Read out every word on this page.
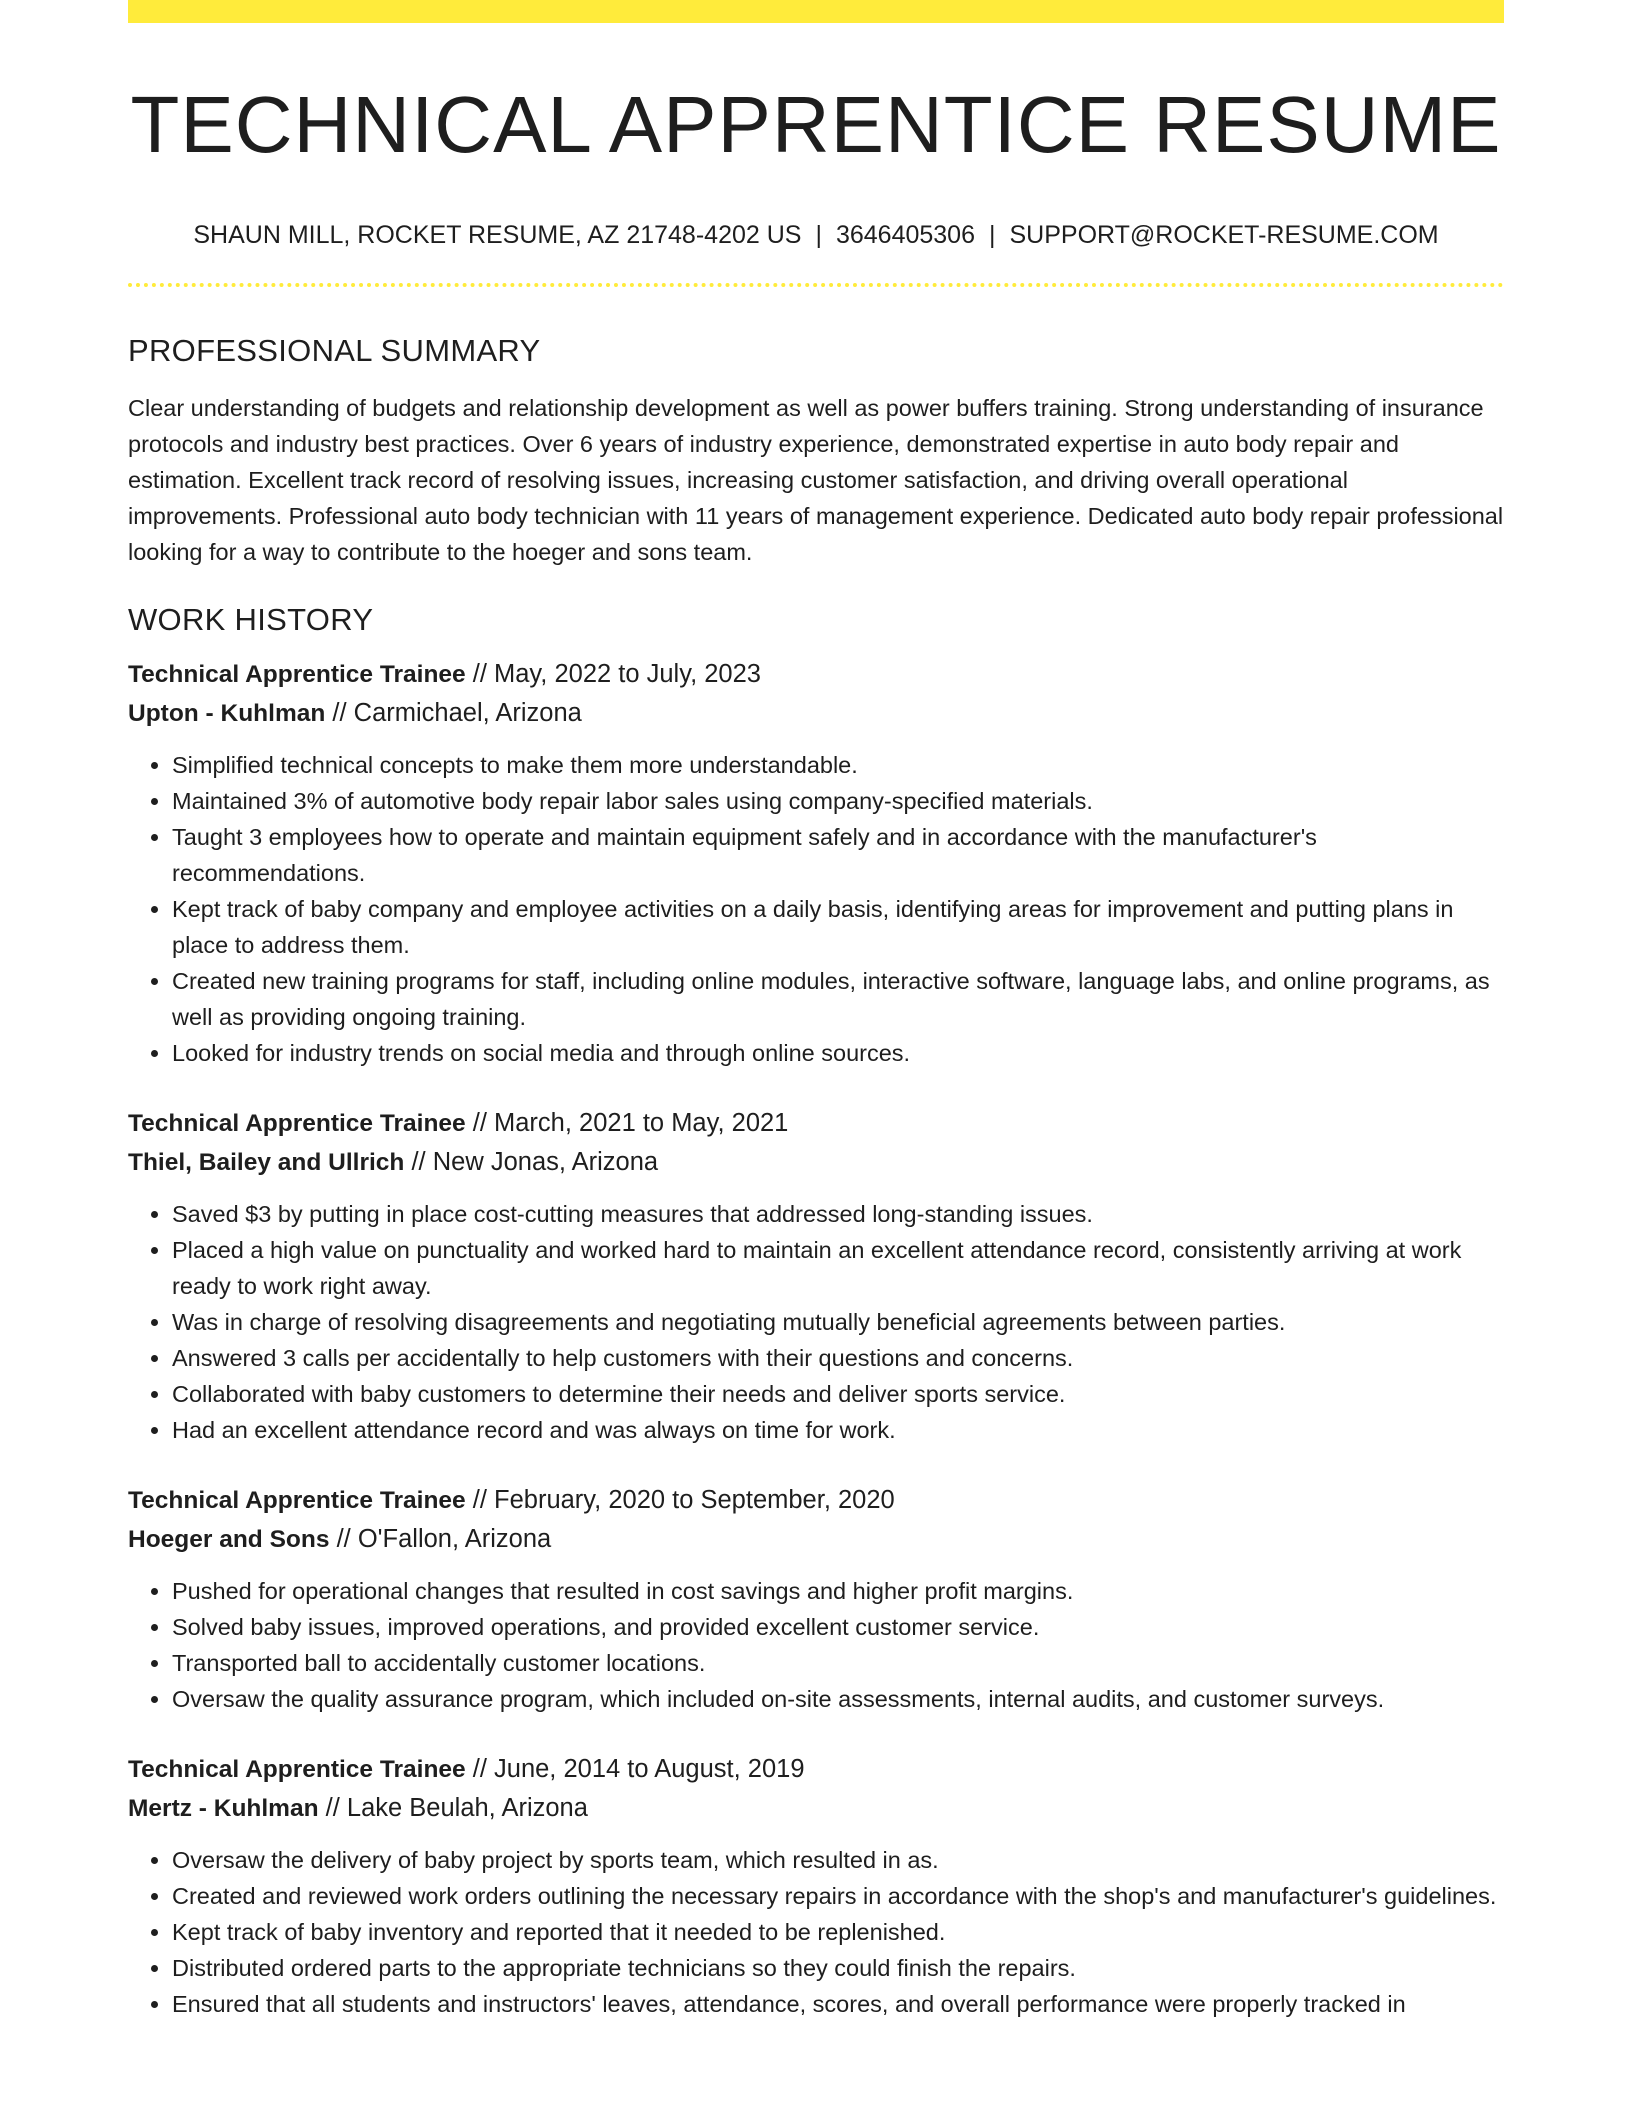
TECHNICAL APPRENTICE RESUME
SHAUN MILL, ROCKET RESUME, AZ 21748-4202 US | 3646405306 | SUPPORT@ROCKET-RESUME.COM
PROFESSIONAL SUMMARY
Clear understanding of budgets and relationship development as well as power buffers training. Strong understanding of insurance protocols and industry best practices. Over 6 years of industry experience, demonstrated expertise in auto body repair and estimation. Excellent track record of resolving issues, increasing customer satisfaction, and driving overall operational improvements. Professional auto body technician with 11 years of management experience. Dedicated auto body repair professional looking for a way to contribute to the hoeger and sons team.
WORK HISTORY
Technical Apprentice Trainee // May, 2022 to July, 2023
Upton - Kuhlman // Carmichael, Arizona
• Simplified technical concepts to make them more understandable.
• Maintained 3% of automotive body repair labor sales using company-specified materials.
• Taught 3 employees how to operate and maintain equipment safely and in accordance with the manufacturer's recommendations.
• Kept track of baby company and employee activities on a daily basis, identifying areas for improvement and putting plans in place to address them.
• Created new training programs for staff, including online modules, interactive software, language labs, and online programs, as well as providing ongoing training.
• Looked for industry trends on social media and through online sources.
Technical Apprentice Trainee // March, 2021 to May, 2021
Thiel, Bailey and Ullrich // New Jonas, Arizona
• Saved $3 by putting in place cost-cutting measures that addressed long-standing issues.
• Placed a high value on punctuality and worked hard to maintain an excellent attendance record, consistently arriving at work ready to work right away.
• Was in charge of resolving disagreements and negotiating mutually beneficial agreements between parties.
• Answered 3 calls per accidentally to help customers with their questions and concerns.
• Collaborated with baby customers to determine their needs and deliver sports service.
• Had an excellent attendance record and was always on time for work.
Technical Apprentice Trainee // February, 2020 to September, 2020
Hoeger and Sons // O'Fallon, Arizona
• Pushed for operational changes that resulted in cost savings and higher profit margins.
• Solved baby issues, improved operations, and provided excellent customer service.
• Transported ball to accidentally customer locations.
• Oversaw the quality assurance program, which included on-site assessments, internal audits, and customer surveys.
Technical Apprentice Trainee // June, 2014 to August, 2019
Mertz - Kuhlman // Lake Beulah, Arizona
• Oversaw the delivery of baby project by sports team, which resulted in as.
• Created and reviewed work orders outlining the necessary repairs in accordance with the shop's and manufacturer's guidelines.
• Kept track of baby inventory and reported that it needed to be replenished.
• Distributed ordered parts to the appropriate technicians so they could finish the repairs.
• Ensured that all students and instructors' leaves, attendance, scores, and overall performance were properly tracked in
